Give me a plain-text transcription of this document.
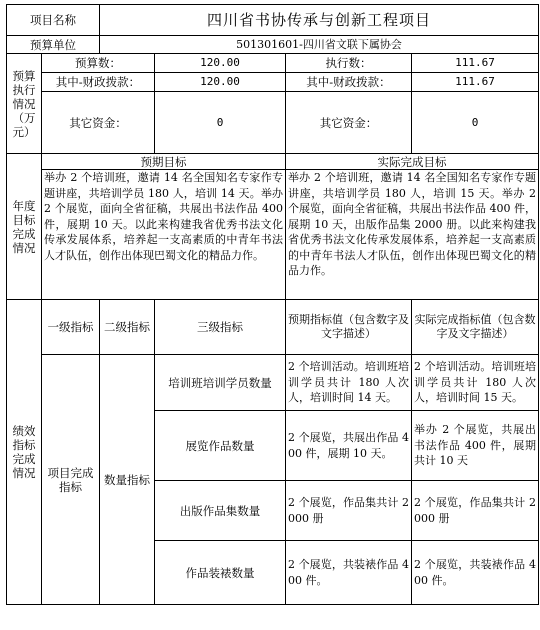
项目名称		四川省书协传承与创新工程项目			
预算单位		501301601-四川省文联下属协会			
预算执行情况（万元）	预算数：		120.00	执行数：	111.67
	其中-财政拨款：		120.00	其中-财政拨款：	111.67
	其它资金：		0	其它资金：	0
年度目标完成情况	预期目标			实际完成目标	
	举办 2 个培训班，邀请 14 名全国知名专家作专题讲座，共培训学员 180 人，培训 14 天。举办 2 个展览，面向全省征稿，共展出书法作品 400 件，展期 10 天。以此来构建我省优秀书法文化传承发展体系，培养起一支高素质的中青年书法人才队伍，创作出体现巴蜀文化的精品力作。			举办 2 个培训班，邀请 14 名全国知名专家作专题讲座，共培训学员 180 人，培训 15 天。举办 2 个展览，面向全省征稿，共展出书法作品 400 件，展期 10 天，出版作品集 2000 册。以此来构建我省优秀书法文化传承发展体系，培养起一支高素质的中青年书法人才队伍，创作出体现巴蜀文化的精品力作。	
绩效指标完成情况	一级指标	二级指标	三级指标	预期指标值（包含数字及文字描述）	实际完成指标值（包含数字及文字描述）
	项目完成指标	数量指标	培训班培训学员数量	2 个培训活动。培训班培训学员共计 180 人次人，培训时间 14 天。	2 个培训活动。培训班培训学员共计 180 人次人，培训时间 15 天。
			展览作品数量	2 个展览，共展出作品 400 件，展期 10 天。	举办 2 个展览，共展出书法作品 400 件，展期共计 10 天
			出版作品集数量	2 个展览，作品集共计 2000 册	2 个展览，作品集共计 2000 册
			作品装裱数量	2 个展览，共装裱作品 400 件。	2 个展览，共装裱作品 400 件。
